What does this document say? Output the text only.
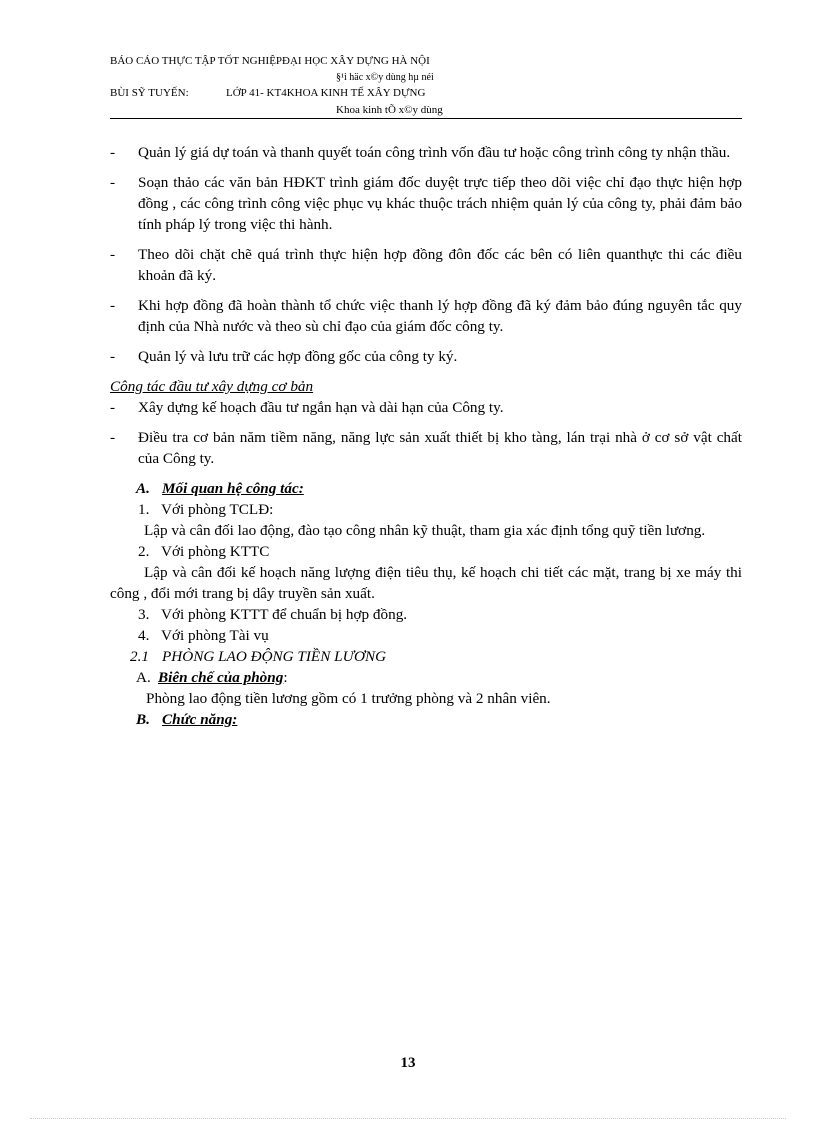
BÁO CÁO THỰC TẬP TỐT NGHIỆPĐẠI HỌC XÂY DỰNG HÀ NỘI
§¹i häc x©y dùng hµ néi
BÙI SỸ TUYẾN:	LỚP 41- KT4KHOA KINH TẾ XÂY DỰNG
Khoa kinh tÕ x©y dùng
- Quản lý giá dự toán và thanh quyết toán công trình vốn đầu tư hoặc công trình công ty nhận thầu.
- Soạn thảo các văn bản HĐKT trình giám đốc duyệt trực tiếp theo dõi việc chỉ đạo thực hiện hợp đồng , các công trình công việc phục vụ khác thuộc trách nhiệm quản lý của công ty, phải đảm bảo tính pháp lý trong việc thi hành.
- Theo dõi chặt chẽ quá trình thực hiện hợp đồng đôn đốc các bên có liên quanthực thi các điều khoản đã ký.
- Khi hợp đồng đã hoàn thành tổ chức việc thanh lý hợp đồng đã ký đảm bảo đúng nguyên tắc quy định của Nhà nước và theo sù chỉ đạo của giám đốc công ty.
- Quản lý và lưu trữ các hợp đồng gốc của công ty ký.

Công tác đầu tư xây dựng cơ bản

- Xây dựng kế hoạch đầu tư ngắn hạn và dài hạn của Công ty.
- Điều tra cơ bản năm tiềm năng, năng lực sản xuất thiết bị kho tàng, lán trại nhà ở cơ sở vật chất của Công ty.

A. Mối quan hệ công tác:

1. Với phòng TCLĐ:

Lập và cân đối lao động, đào tạo công nhân kỹ thuật, tham gia xác định tổng quỹ tiền lương.

2. Với phòng KTTC

Lập và cân đối kế hoạch năng lượng điện tiêu thụ, kế hoạch chi tiết các mặt, trang bị xe máy thi công , đổi mới trang bị dây truyền sản xuất.

3. Với phòng KTTT để chuẩn bị hợp đồng.

4. Với phòng Tài vụ

2.1 PHÒNG LAO ĐỘNG TIỀN LƯƠNG

A. Biên chế của phòng:

Phòng lao động tiền lương gồm có 1 trưởng phòng và 2 nhân viên.

B. Chức năng:

13
